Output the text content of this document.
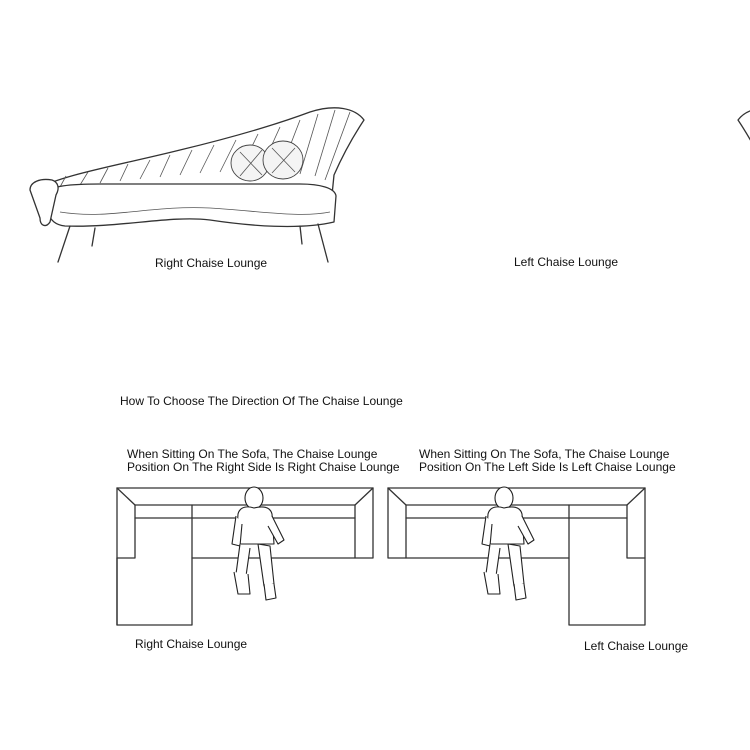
Right Chaise Lounge	Left Chaise Lounge
How To Choose The Direction Of The Chaise Lounge
When Sitting On The Sofa, The Chaise Lounge
Position On The Right Side Is Right Chaise Lounge
When Sitting On The Sofa, The Chaise Lounge
Position On The Left Side Is Left Chaise Lounge
Right Chaise Lounge	Left Chaise Lounge
